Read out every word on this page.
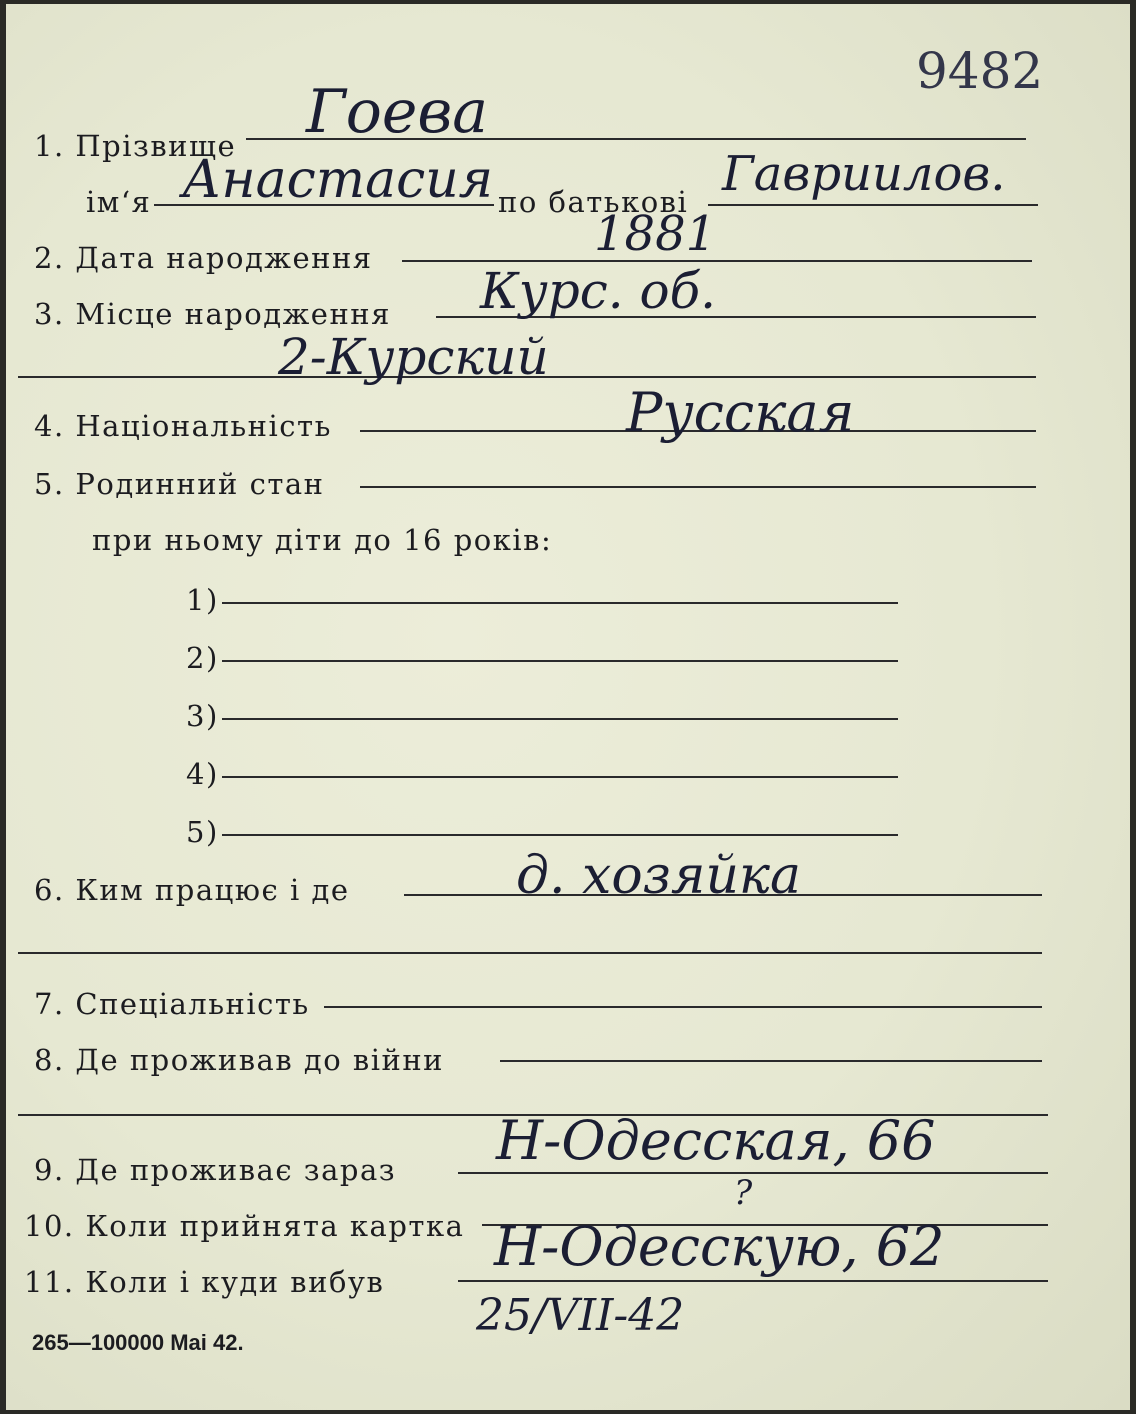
9482
1. Прізвище Гоева
ім‘я Анастасия по батькові Гавриилов.
2. Дата народження	1881
3. Місце народження Курс. об.
2-Курский
4. Національність	Русская
5. Родинний стан
при ньому діти до 16 років:
1)
2)
3)
4)
5)
6. Ким працює і де	д. хозяйка
7. Спеціальність
8. Де проживав до війни
9. Де проживає зараз Н-Одесская, 66
10. Коли прийнята картка
?
11. Коли і куди вибув
Н-Одесскую, 62
25/VII-42
265—100000 Mai 42.
